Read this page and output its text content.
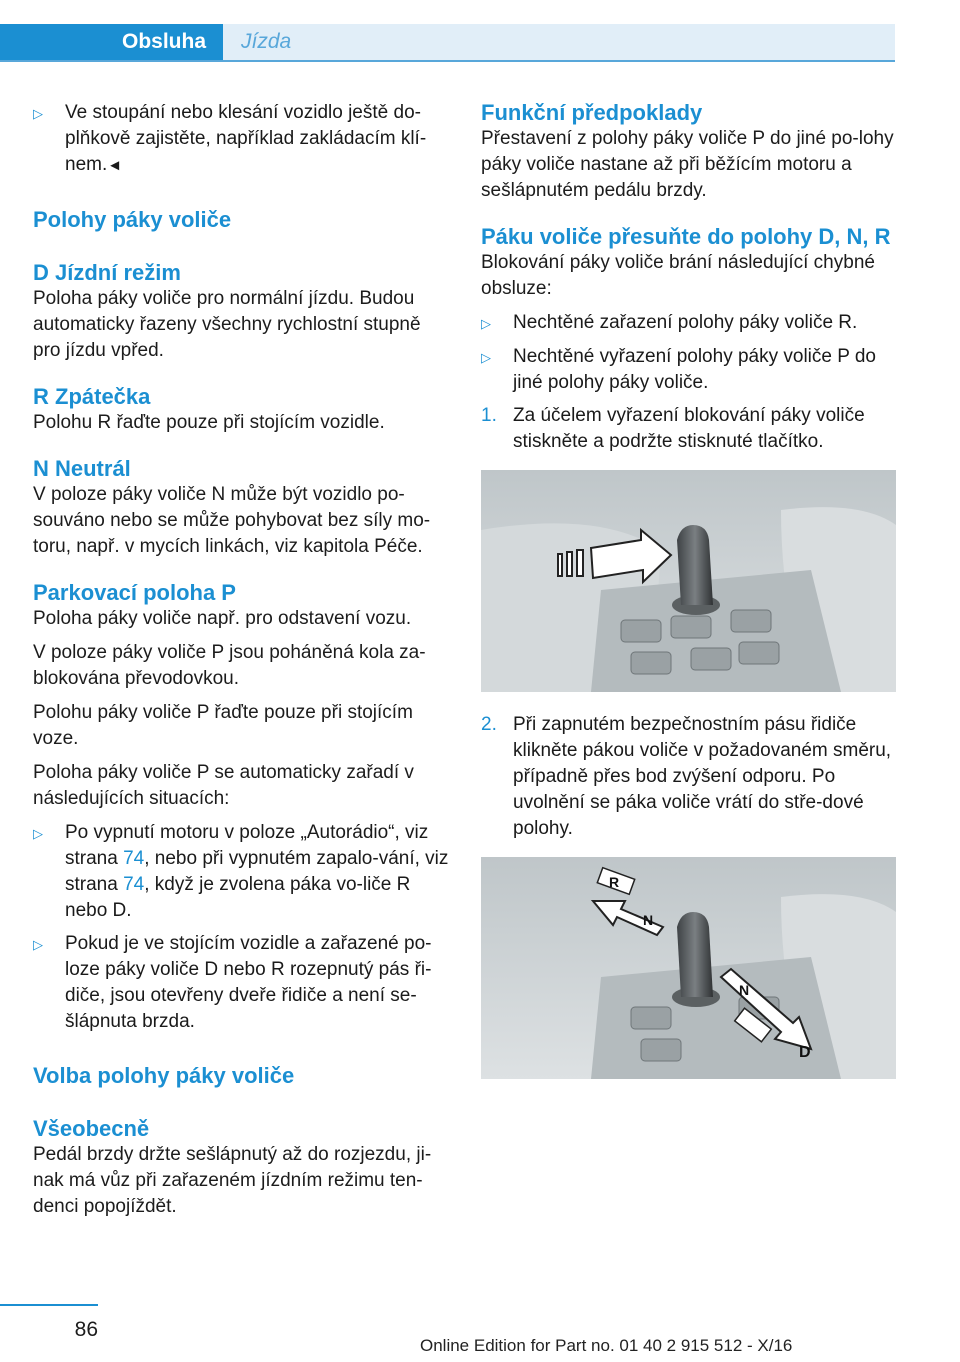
Obsluha	Jízda
▷	Ve stoupání nebo klesání vozidlo ještě do-plňkově zajistěte, například zakládacím klí-nem.◄
Polohy páky voliče
D Jízdní režim

Poloha páky voliče pro normální jízdu. Budou automaticky řazeny všechny rychlostní stupně pro jízdu vpřed.

R Zpátečka

Polohu R řaďte pouze při stojícím vozidle.

N Neutrál

V poloze páky voliče N může být vozidlo po-souváno nebo se může pohybovat bez síly mo-toru, např. v mycích linkách, viz kapitola Péče.

Parkovací poloha P

Poloha páky voliče např. pro odstavení vozu.

V poloze páky voliče P jsou poháněná kola za-blokována převodovkou.

Polohu páky voliče P řaďte pouze při stojícím voze.

Poloha páky voliče P se automaticky zařadí v následujících situacích:

▷	Po vypnutí motoru v poloze „Autorádio“, viz strana 74, nebo při vypnutém zapalo-vání, viz strana 74, když je zvolena páka vo-liče R nebo D.
▷	Pokud je ve stojícím vozidle a zařazené po-loze páky voliče D nebo R rozepnutý pás ři-diče, jsou otevřeny dveře řidiče a není se-šlápnuta brzda.
Volba polohy páky voliče
Všeobecně

Pedál brzdy držte sešlápnutý až do rozjezdu, ji-nak má vůz při zařazeném jízdním režimu ten-denci popojíždět.

Funkční předpoklady

Přestavení z polohy páky voliče P do jiné po-lohy páky voliče nastane až při běžícím motoru a sešlápnutém pedálu brzdy.

Páku voliče přesuňte do polohy D, N, R

Blokování páky voliče brání následující chybné obsluze:

▷	Nechtěné zařazení polohy páky voliče R.
▷	Nechtěné vyřazení polohy páky voliče P do jiné polohy páky voliče.
1. Za účelem vyřazení blokování páky voliče stiskněte a podržte stisknuté tlačítko.
2. Při zapnutém bezpečnostním pásu řidiče klikněte pákou voliče v požadovaném směru, případně přes bod zvýšení odporu. Po uvolnění se páka voliče vrátí do stře-dové polohy.
R
N
N
D
86
Online Edition for Part no. 01 40 2 915 512 - X/16
